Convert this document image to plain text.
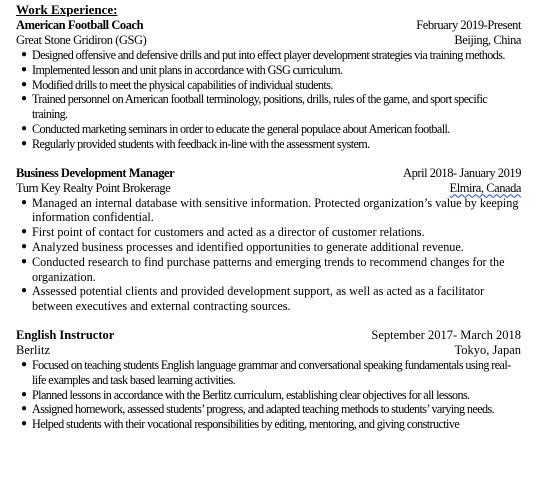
Work Experience:
American Football Coach	February 2019-Present
Great Stone Gridiron (GSG)	Beijing, China
● Designed offensive and defensive drills and put into effect player development strategies via training methods.
● Implemented lesson and unit plans in accordance with GSG curriculum.
● Modified drills to meet the physical capabilities of individual students.
● Trained personnel on American football terminology, positions, drills, rules of the game, and sport specific training.
● Conducted marketing seminars in order to educate the general populace about American football.
● Regularly provided students with feedback in-line with the assessment system.
Business Development Manager	April 2018- January 2019
Turn Key Realty Point Brokerage	Elmira, Canada
● Managed an internal database with sensitive information. Protected organization’s value by keeping information confidential.
● First point of contact for customers and acted as a director of customer relations.
● Analyzed business processes and identified opportunities to generate additional revenue.
● Conducted research to find purchase patterns and emerging trends to recommend changes for the organization.
● Assessed potential clients and provided development support, as well as acted as a facilitator between executives and external contracting sources.
English Instructor	September 2017- March 2018
Berlitz	Tokyo, Japan
● Focused on teaching students English language grammar and conversational speaking fundamentals using real-life examples and task based learning activities.
● Planned lessons in accordance with the Berlitz curriculum, establishing clear objectives for all lessons.
● Assigned homework, assessed students’ progress, and adapted teaching methods to students’ varying needs.
● Helped students with their vocational responsibilities by editing, mentoring, and giving constructive
